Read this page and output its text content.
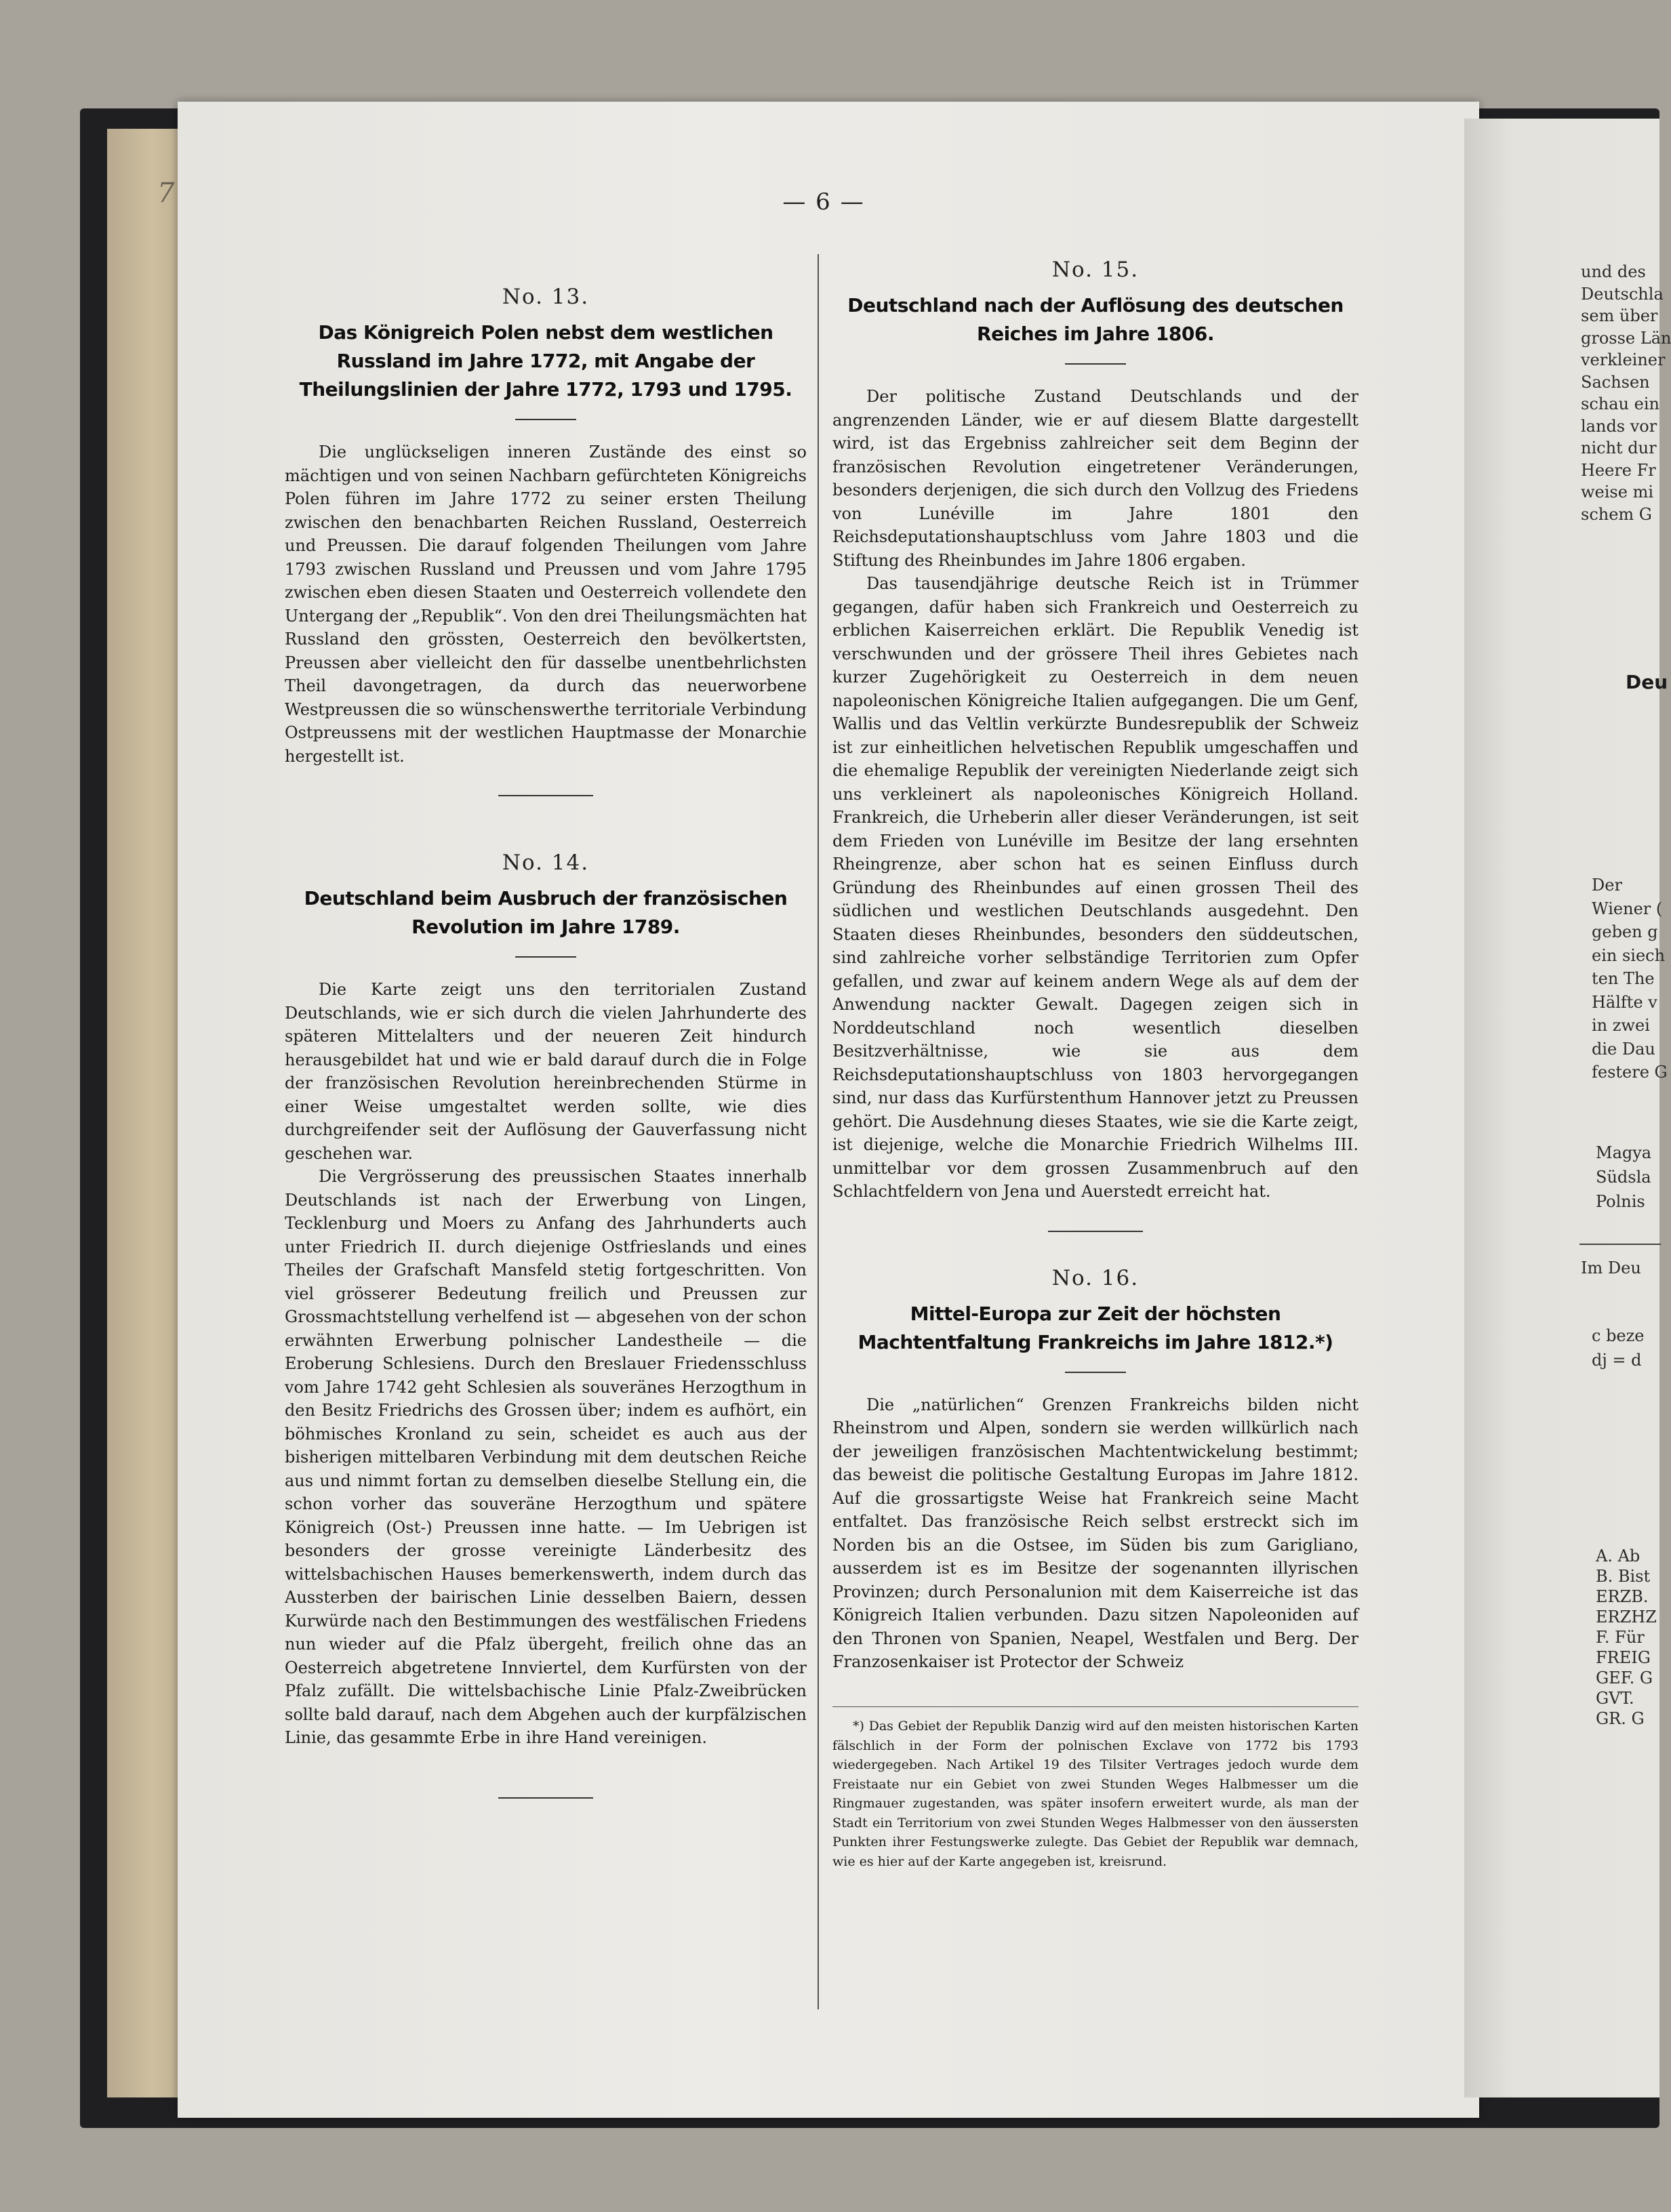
7	— 6 —
No. 13.
Das Königreich Polen nebst dem westlichen Russland im Jahre 1772, mit Angabe der Theilungslinien der Jahre 1772, 1793 und 1795.

Die unglückseligen inneren Zustände des einst so mächtigen und von seinen Nachbarn gefürchteten Königreichs Polen führen im Jahre 1772 zu seiner ersten Theilung zwischen den benachbarten Reichen Russland, Oesterreich und Preussen. Die darauf folgenden Theilungen vom Jahre 1793 zwischen Russland und Preussen und vom Jahre 1795 zwischen eben diesen Staaten und Oesterreich vollendete den Untergang der „Republik“. Von den drei Theilungsmächten hat Russland den grössten, Oesterreich den bevölkertsten, Preussen aber vielleicht den für dasselbe unentbehrlichsten Theil davongetragen, da durch das neuerworbene Westpreussen die so wünschenswerthe territoriale Verbindung Ostpreussens mit der westlichen Hauptmasse der Monarchie hergestellt ist.

No. 14.
Deutschland beim Ausbruch der französischen Revolution im Jahre 1789.

Die Karte zeigt uns den territorialen Zustand Deutschlands, wie er sich durch die vielen Jahrhunderte des späteren Mittelalters und der neueren Zeit hindurch herausgebildet hat und wie er bald darauf durch die in Folge der französischen Revolution hereinbrechenden Stürme in einer Weise umgestaltet werden sollte, wie dies durchgreifender seit der Auflösung der Gauverfassung nicht geschehen war.

Die Vergrösserung des preussischen Staates innerhalb Deutschlands ist nach der Erwerbung von Lingen, Tecklenburg und Moers zu Anfang des Jahrhunderts auch unter Friedrich II. durch diejenige Ostfrieslands und eines Theiles der Grafschaft Mansfeld stetig fortgeschritten. Von viel grösserer Bedeutung freilich und Preussen zur Grossmachtstellung verhelfend ist — abgesehen von der schon erwähnten Erwerbung polnischer Landestheile — die Eroberung Schlesiens. Durch den Breslauer Friedensschluss vom Jahre 1742 geht Schlesien als souveränes Herzogthum in den Besitz Friedrichs des Grossen über; indem es aufhört, ein böhmisches Kronland zu sein, scheidet es auch aus der bisherigen mittelbaren Verbindung mit dem deutschen Reiche aus und nimmt fortan zu demselben dieselbe Stellung ein, die schon vorher das souveräne Herzogthum und spätere Königreich (Ost-) Preussen inne hatte. — Im Uebrigen ist besonders der grosse vereinigte Länderbesitz des wittelsbachischen Hauses bemerkenswerth, indem durch das Aussterben der bairischen Linie desselben Baiern, dessen Kurwürde nach den Bestimmungen des westfälischen Friedens nun wieder auf die Pfalz übergeht, freilich ohne das an Oesterreich abgetretene Innviertel, dem Kurfürsten von der Pfalz zufällt. Die wittelsbachische Linie Pfalz-Zweibrücken sollte bald darauf, nach dem Abgehen auch der kurpfälzischen Linie, das gesammte Erbe in ihre Hand vereinigen.

No. 15.
Deutschland nach der Auflösung des deutschen Reiches im Jahre 1806.

Der politische Zustand Deutschlands und der angrenzenden Länder, wie er auf diesem Blatte dargestellt wird, ist das Ergebniss zahlreicher seit dem Beginn der französischen Revolution eingetretener Veränderungen, besonders derjenigen, die sich durch den Vollzug des Friedens von Lunéville im Jahre 1801 den Reichsdeputationshauptschluss vom Jahre 1803 und die Stiftung des Rheinbundes im Jahre 1806 ergaben.

Das tausendjährige deutsche Reich ist in Trümmer gegangen, dafür haben sich Frankreich und Oesterreich zu erblichen Kaiserreichen erklärt. Die Republik Venedig ist verschwunden und der grössere Theil ihres Gebietes nach kurzer Zugehörigkeit zu Oesterreich in dem neuen napoleonischen Königreiche Italien aufgegangen. Die um Genf, Wallis und das Veltlin verkürzte Bundesrepublik der Schweiz ist zur einheitlichen helvetischen Republik umgeschaffen und die ehemalige Republik der vereinigten Niederlande zeigt sich uns verkleinert als napoleonisches Königreich Holland. Frankreich, die Urheberin aller dieser Veränderungen, ist seit dem Frieden von Lunéville im Besitze der lang ersehnten Rheingrenze, aber schon hat es seinen Einfluss durch Gründung des Rheinbundes auf einen grossen Theil des südlichen und westlichen Deutschlands ausgedehnt. Den Staaten dieses Rheinbundes, besonders den süddeutschen, sind zahlreiche vorher selbständige Territorien zum Opfer gefallen, und zwar auf keinem andern Wege als auf dem der Anwendung nackter Gewalt. Dagegen zeigen sich in Norddeutschland noch wesentlich dieselben Besitzverhältnisse, wie sie aus dem Reichsdeputationshauptschluss von 1803 hervorgegangen sind, nur dass das Kurfürstenthum Hannover jetzt zu Preussen gehört. Die Ausdehnung dieses Staates, wie sie die Karte zeigt, ist diejenige, welche die Monarchie Friedrich Wilhelms III. unmittelbar vor dem grossen Zusammenbruch auf den Schlachtfeldern von Jena und Auerstedt erreicht hat.

No. 16.
Mittel-Europa zur Zeit der höchsten Machtentfaltung Frankreichs im Jahre 1812.*)

Die „natürlichen“ Grenzen Frankreichs bilden nicht Rheinstrom und Alpen, sondern sie werden willkürlich nach der jeweiligen französischen Machtentwickelung bestimmt; das beweist die politische Gestaltung Europas im Jahre 1812. Auf die grossartigste Weise hat Frankreich seine Macht entfaltet. Das französische Reich selbst erstreckt sich im Norden bis an die Ostsee, im Süden bis zum Garigliano, ausserdem ist es im Besitze der sogenannten illyrischen Provinzen; durch Personalunion mit dem Kaiserreiche ist das Königreich Italien verbunden. Dazu sitzen Napoleoniden auf den Thronen von Spanien, Neapel, Westfalen und Berg. Der Franzosenkaiser ist Protector der Schweiz

*) Das Gebiet der Republik Danzig wird auf den meisten historischen Karten fälschlich in der Form der polnischen Exclave von 1772 bis 1793 wiedergegeben. Nach Artikel 19 des Tilsiter Vertrages jedoch wurde dem Freistaate nur ein Gebiet von zwei Stunden Weges Halbmesser um die Ringmauer zugestanden, was später insofern erweitert wurde, als man der Stadt ein Territorium von zwei Stunden Weges Halbmesser von den äussersten Punkten ihrer Festungswerke zulegte. Das Gebiet der Republik war demnach, wie es hier auf der Karte angegeben ist, kreisrund.

und des
Deutschla
sem über
grosse Län
verkleiner
Sachsen
schau ein
lands vor
nicht dur
Heere Fr
weise mi
schem G
Deu
Der
Wiener (
geben g
ein siech
ten The
Hälfte v
in zwei
die Dau
festere G
Magya
Südsla
Polnis
Im Deu
c beze
dj = d
A. Ab
B. Bist
ERZB.
ERZHZ
F. Für
FREIG
GEF. G
GVT.
GR. G
